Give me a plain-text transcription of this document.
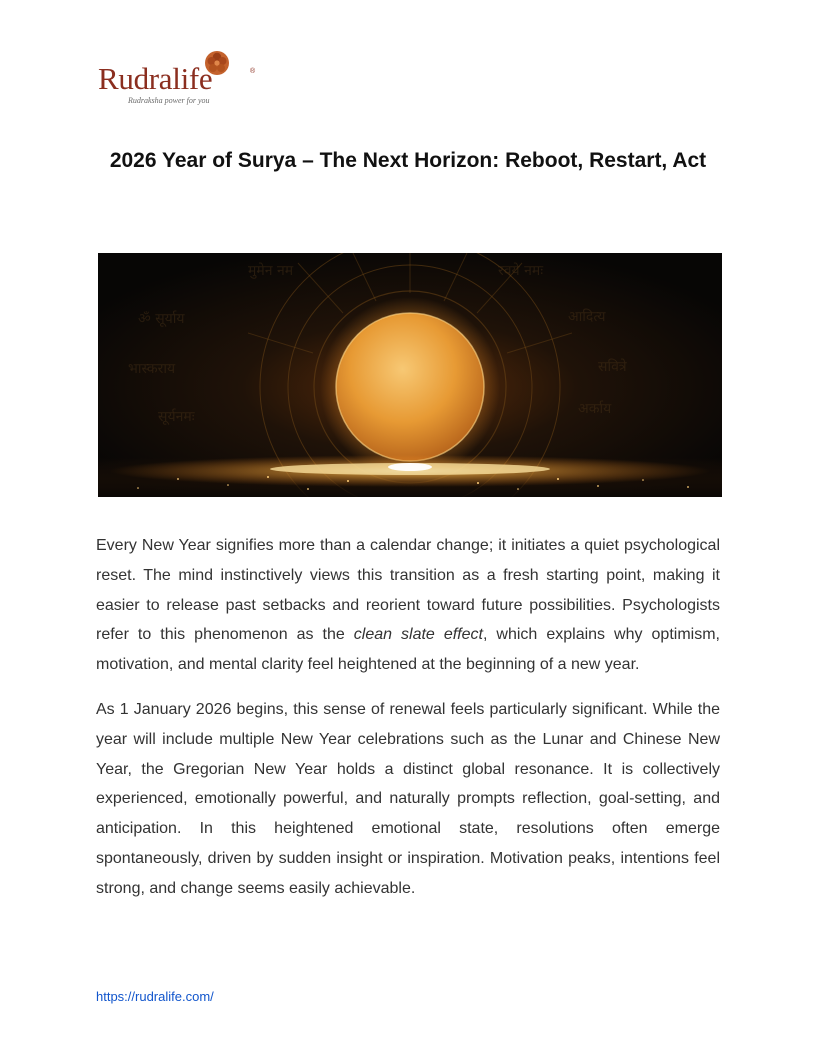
Rudralife	®
Rudraksha power for you
2026 Year of Surya – The Next Horizon: Reboot, Restart, Act
मुमेन नम	रवये नमः
ॐ सूर्याय	आदित्य
भास्कराय	सवित्रे
सूर्यनमः	अर्काय

Every New Year signifies more than a calendar change; it initiates a quiet psychological reset. The mind instinctively views this transition as a fresh starting point, making it easier to release past setbacks and reorient toward future possibilities. Psychologists refer to this phenomenon as the clean slate effect, which explains why optimism, motivation, and mental clarity feel heightened at the beginning of a new year.

As 1 January 2026 begins, this sense of renewal feels particularly significant. While the year will include multiple New Year celebrations such as the Lunar and Chinese New Year, the Gregorian New Year holds a distinct global resonance. It is collectively experienced, emotionally powerful, and naturally prompts reflection, goal-setting, and anticipation. In this heightened emotional state, resolutions often emerge spontaneously, driven by sudden insight or inspiration. Motivation peaks, intentions feel strong, and change seems easily achievable.

https://rudralife.com/
